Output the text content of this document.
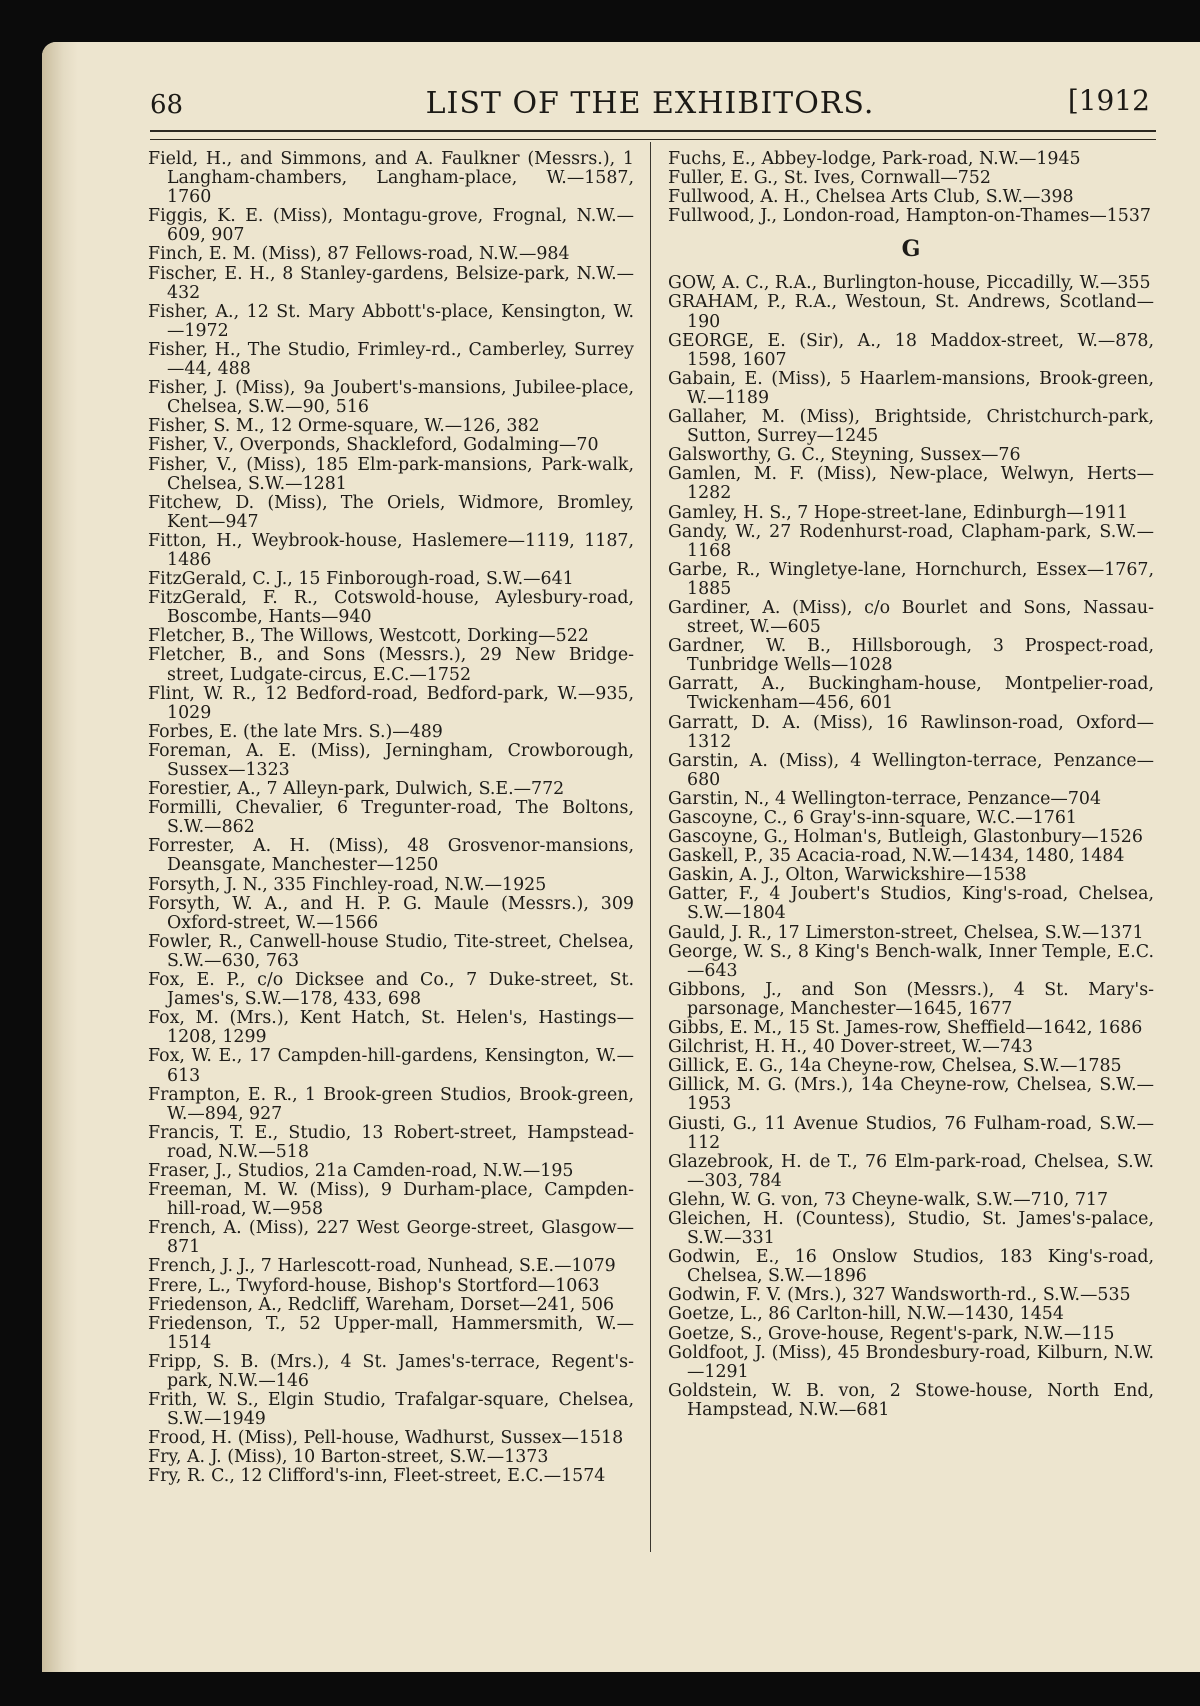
68	LIST OF THE EXHIBITORS.	[1912
Field, H., and Simmons, and A. Faulkner (Messrs.), 1 Langham-chambers, Langham-place, W.—1587, 1760
Figgis, K. E. (Miss), Montagu-grove, Frognal, N.W.—609, 907
Finch, E. M. (Miss), 87 Fellows-road, N.W.—984
Fischer, E. H., 8 Stanley-gardens, Belsize-park, N.W.—432
Fisher, A., 12 St. Mary Abbott's-place, Kensington, W.—1972
Fisher, H., The Studio, Frimley-rd., Camberley, Surrey—44, 488
Fisher, J. (Miss), 9a Joubert's-mansions, Jubilee-place, Chelsea, S.W.—90, 516
Fisher, S. M., 12 Orme-square, W.—126, 382
Fisher, V., Overponds, Shackleford, Godalming—70
Fisher, V., (Miss), 185 Elm-park-mansions, Park-walk, Chelsea, S.W.—1281
Fitchew, D. (Miss), The Oriels, Widmore, Bromley, Kent—947
Fitton, H., Weybrook-house, Haslemere—1119, 1187, 1486
FitzGerald, C. J., 15 Finborough-road, S.W.—641
FitzGerald, F. R., Cotswold-house, Aylesbury-road, Boscombe, Hants—940
Fletcher, B., The Willows, Westcott, Dorking—522
Fletcher, B., and Sons (Messrs.), 29 New Bridge-street, Ludgate-circus, E.C.—1752
Flint, W. R., 12 Bedford-road, Bedford-park, W.—935, 1029
Forbes, E. (the late Mrs. S.)—489
Foreman, A. E. (Miss), Jerningham, Crowborough, Sussex—1323
Forestier, A., 7 Alleyn-park, Dulwich, S.E.—772
Formilli, Chevalier, 6 Tregunter-road, The Boltons, S.W.—862
Forrester, A. H. (Miss), 48 Grosvenor-mansions, Deansgate, Manchester—1250
Forsyth, J. N., 335 Finchley-road, N.W.—1925
Forsyth, W. A., and H. P. G. Maule (Messrs.), 309 Oxford-street, W.—1566
Fowler, R., Canwell-house Studio, Tite-street, Chelsea, S.W.—630, 763
Fox, E. P., c/o Dicksee and Co., 7 Duke-street, St. James's, S.W.—178, 433, 698
Fox, M. (Mrs.), Kent Hatch, St. Helen's, Hastings—1208, 1299
Fox, W. E., 17 Campden-hill-gardens, Kensington, W.—613
Frampton, E. R., 1 Brook-green Studios, Brook-green, W.—894, 927
Francis, T. E., Studio, 13 Robert-street, Hampstead-road, N.W.—518
Fraser, J., Studios, 21a Camden-road, N.W.—195
Freeman, M. W. (Miss), 9 Durham-place, Campden-hill-road, W.—958
French, A. (Miss), 227 West George-street, Glasgow—871
French, J. J., 7 Harlescott-road, Nunhead, S.E.—1079
Frere, L., Twyford-house, Bishop's Stortford—1063
Friedenson, A., Redcliff, Wareham, Dorset—241, 506
Friedenson, T., 52 Upper-mall, Hammersmith, W.—1514
Fripp, S. B. (Mrs.), 4 St. James's-terrace, Regent's-park, N.W.—146
Frith, W. S., Elgin Studio, Trafalgar-square, Chelsea, S.W.—1949
Frood, H. (Miss), Pell-house, Wadhurst, Sussex—1518
Fry, A. J. (Miss), 10 Barton-street, S.W.—1373
Fry, R. C., 12 Clifford's-inn, Fleet-street, E.C.—1574
Fuchs, E., Abbey-lodge, Park-road, N.W.—1945
Fuller, E. G., St. Ives, Cornwall—752
Fullwood, A. H., Chelsea Arts Club, S.W.—398
Fullwood, J., London-road, Hampton-on-Thames—1537
G
GOW, A. C., R.A., Burlington-house, Piccadilly, W.—355
GRAHAM, P., R.A., Westoun, St. Andrews, Scotland—190
GEORGE, E. (Sir), A., 18 Maddox-street, W.—878, 1598, 1607
Gabain, E. (Miss), 5 Haarlem-mansions, Brook-green, W.—1189
Gallaher, M. (Miss), Brightside, Christchurch-park, Sutton, Surrey—1245
Galsworthy, G. C., Steyning, Sussex—76
Gamlen, M. F. (Miss), New-place, Welwyn, Herts—1282
Gamley, H. S., 7 Hope-street-lane, Edinburgh—1911
Gandy, W., 27 Rodenhurst-road, Clapham-park, S.W.—1168
Garbe, R., Wingletye-lane, Hornchurch, Essex—1767, 1885
Gardiner, A. (Miss), c/o Bourlet and Sons, Nassau-street, W.—605
Gardner, W. B., Hillsborough, 3 Prospect-road, Tunbridge Wells—1028
Garratt, A., Buckingham-house, Montpelier-road, Twickenham—456, 601
Garratt, D. A. (Miss), 16 Rawlinson-road, Oxford—1312
Garstin, A. (Miss), 4 Wellington-terrace, Penzance—680
Garstin, N., 4 Wellington-terrace, Penzance—704
Gascoyne, C., 6 Gray's-inn-square, W.C.—1761
Gascoyne, G., Holman's, Butleigh, Glastonbury—1526
Gaskell, P., 35 Acacia-road, N.W.—1434, 1480, 1484
Gaskin, A. J., Olton, Warwickshire—1538
Gatter, F., 4 Joubert's Studios, King's-road, Chelsea, S.W.—1804
Gauld, J. R., 17 Limerston-street, Chelsea, S.W.—1371
George, W. S., 8 King's Bench-walk, Inner Temple, E.C.—643
Gibbons, J., and Son (Messrs.), 4 St. Mary's-parsonage, Manchester—1645, 1677
Gibbs, E. M., 15 St. James-row, Sheffield—1642, 1686
Gilchrist, H. H., 40 Dover-street, W.—743
Gillick, E. G., 14a Cheyne-row, Chelsea, S.W.—1785
Gillick, M. G. (Mrs.), 14a Cheyne-row, Chelsea, S.W.—1953
Giusti, G., 11 Avenue Studios, 76 Fulham-road, S.W.—112
Glazebrook, H. de T., 76 Elm-park-road, Chelsea, S.W.—303, 784
Glehn, W. G. von, 73 Cheyne-walk, S.W.—710, 717
Gleichen, H. (Countess), Studio, St. James's-palace, S.W.—331
Godwin, E., 16 Onslow Studios, 183 King's-road, Chelsea, S.W.—1896
Godwin, F. V. (Mrs.), 327 Wandsworth-rd., S.W.—535
Goetze, L., 86 Carlton-hill, N.W.—1430, 1454
Goetze, S., Grove-house, Regent's-park, N.W.—115
Goldfoot, J. (Miss), 45 Brondesbury-road, Kilburn, N.W.—1291
Goldstein, W. B. von, 2 Stowe-house, North End, Hampstead, N.W.—681
